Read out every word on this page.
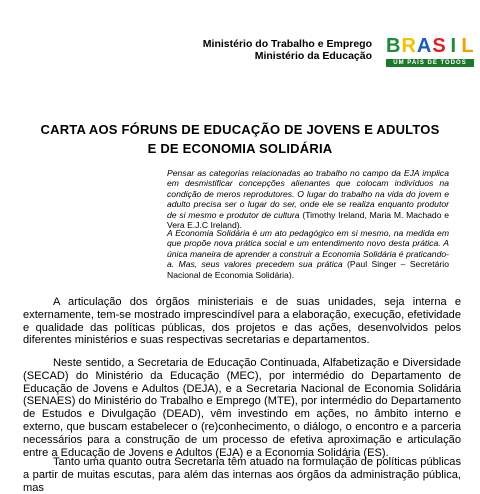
Ministério do Trabalho e Emprego
Ministério da Educação B R A S I L
UM PAÍS DE TODOS
CARTA AOS FÓRUNS DE EDUCAÇÃO DE JOVENS E ADULTOS
E DE ECONOMIA SOLIDÁRIA
Pensar as categorias relacionadas ao trabalho no campo da EJA implica em desmistificar concepções alienantes que colocam indivíduos na condição de meros reprodutores. O lugar do trabalho na vida do jovem e adulto precisa ser o lugar do ser, onde ele se realiza enquanto produtor de si mesmo e produtor de cultura (Timothy Ireland, Maria M. Machado e Vera E.J.C Ireland).
A Economia Solidária é um ato pedagógico em si mesmo, na medida em que propõe nova prática social e um entendimento novo desta prática. A única maneira de aprender a construir a Economia Solidária é praticando-a. Mas, seus valores precedem sua prática (Paul Singer – Secretário Nacional de Economia Solidária).
A articulação dos órgãos ministeriais e de suas unidades, seja interna e externamente, tem-se mostrado imprescindível para a elaboração, execução, efetividade e qualidade das políticas públicas, dos projetos e das ações, desenvolvidos pelos diferentes ministérios e suas respectivas secretarias e departamentos.
Neste sentido, a Secretaria de Educação Continuada, Alfabetização e Diversidade (SECAD) do Ministério da Educação (MEC), por intermédio do Departamento de Educação de Jovens e Adultos (DEJA), e a Secretaria Nacional de Economia Solidária (SENAES) do Ministério do Trabalho e Emprego (MTE), por intermédio do Departamento de Estudos e Divulgação (DEAD), vêm investindo em ações, no âmbito interno e externo, que buscam estabelecer o (re)conhecimento, o diálogo, o encontro e a parceria necessários para a construção de um processo de efetiva aproximação e articulação entre a Educação de Jovens e Adultos (EJA) e a Economia Solidária (ES).
Tanto uma quanto outra Secretaria têm atuado na formulação de políticas públicas a partir de muitas escutas, para além das internas aos órgãos da administração pública, mas
